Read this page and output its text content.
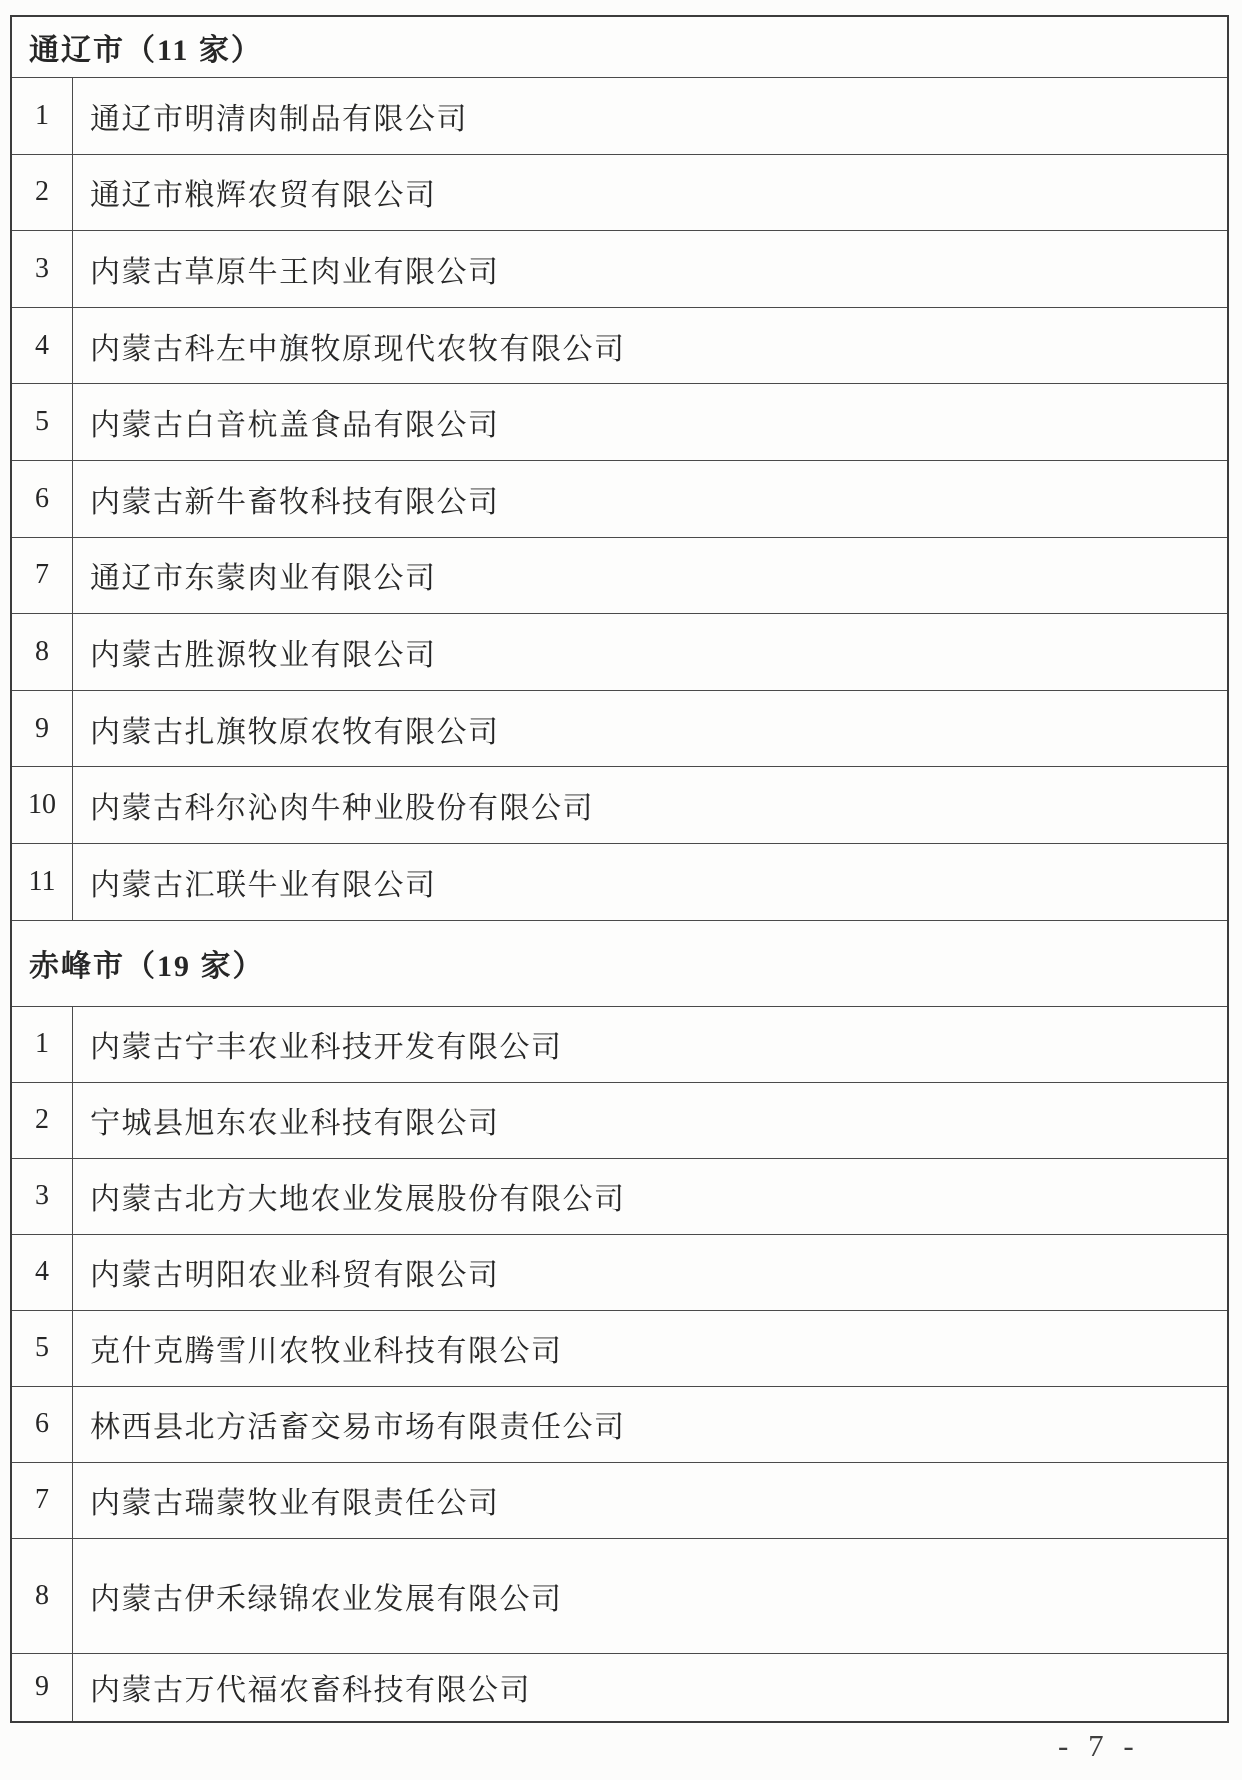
通辽市（11 家）
1	通辽市明清肉制品有限公司
2	通辽市粮辉农贸有限公司
3	内蒙古草原牛王肉业有限公司
4	内蒙古科左中旗牧原现代农牧有限公司
5	内蒙古白音杭盖食品有限公司
6	内蒙古新牛畜牧科技有限公司
7	通辽市东蒙肉业有限公司
8	内蒙古胜源牧业有限公司
9	内蒙古扎旗牧原农牧有限公司
10	内蒙古科尔沁肉牛种业股份有限公司
11	内蒙古汇联牛业有限公司
赤峰市（19 家）
1	内蒙古宁丰农业科技开发有限公司
2	宁城县旭东农业科技有限公司
3	内蒙古北方大地农业发展股份有限公司
4	内蒙古明阳农业科贸有限公司
5	克什克腾雪川农牧业科技有限公司
6	林西县北方活畜交易市场有限责任公司
7	内蒙古瑞蒙牧业有限责任公司
8	内蒙古伊禾绿锦农业发展有限公司
9	内蒙古万代福农畜科技有限公司
- 7 -
